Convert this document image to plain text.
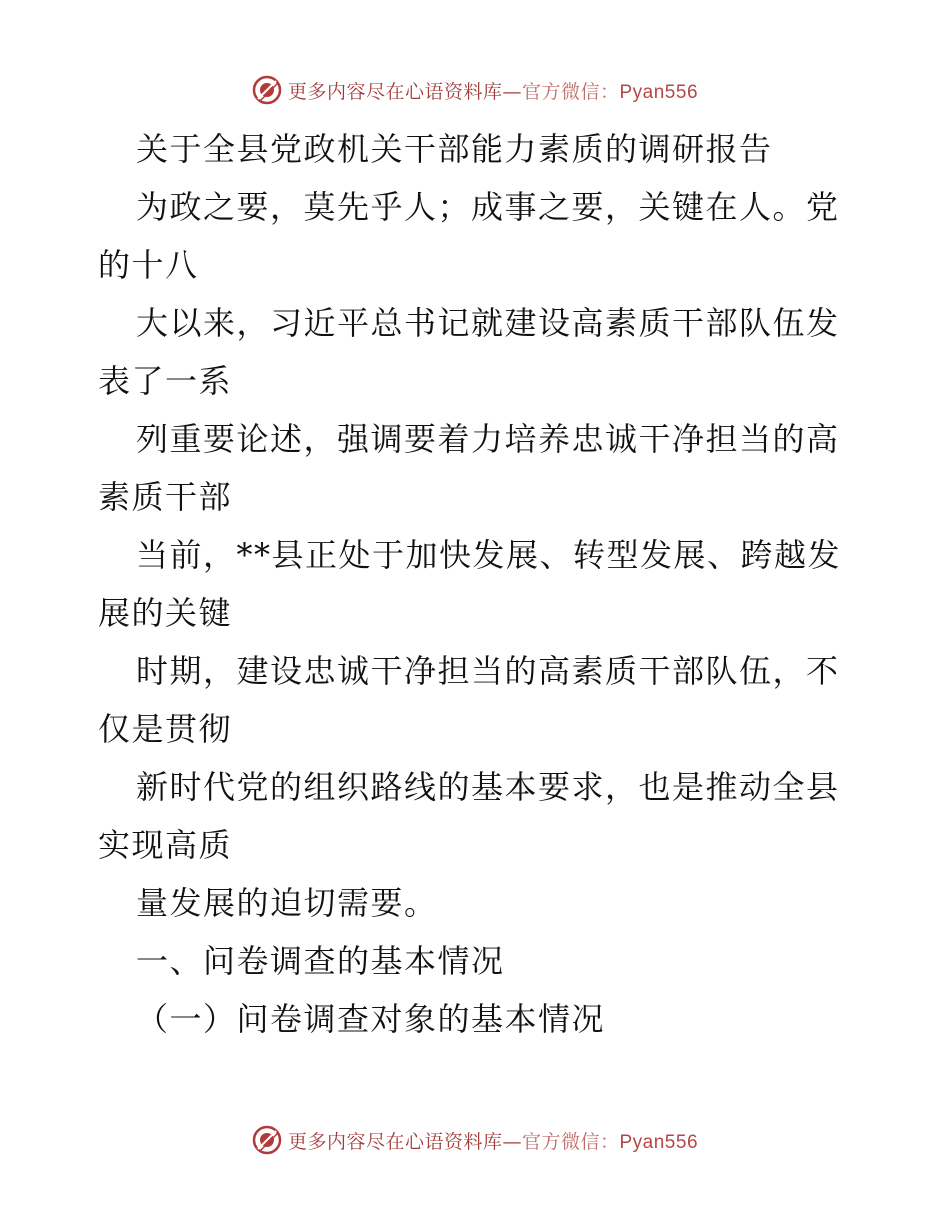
更多内容尽在心语资料库—官方微信：Pyan556
关于全县党政机关干部能力素质的调研报告
为政之要，莫先乎人；成事之要，关键在人。党
的十八
大以来，习近平总书记就建设高素质干部队伍发
表了一系
列重要论述，强调要着力培养忠诚干净担当的高
素质干部
当前，**县正处于加快发展、转型发展、跨越发
展的关键
时期，建设忠诚干净担当的高素质干部队伍，不
仅是贯彻
新时代党的组织路线的基本要求，也是推动全县
实现高质
量发展的迫切需要。
一、问卷调查的基本情况
（一）问卷调查对象的基本情况
更多内容尽在心语资料库—官方微信：Pyan556
